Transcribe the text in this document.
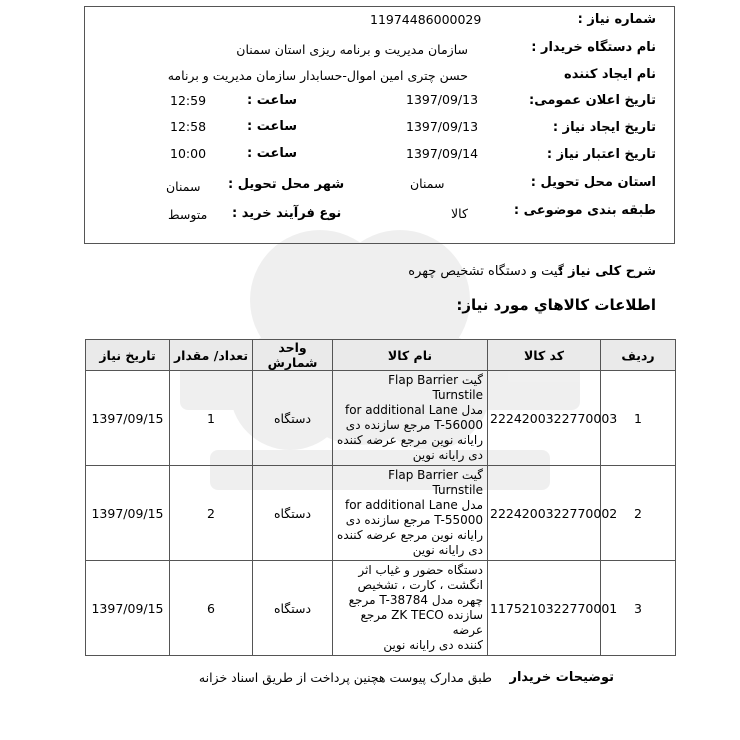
شماره نیاز :
11974486000029
نام دستگاه خریدار :
سازمان مدیریت و برنامه ریزی استان سمنان
نام ایجاد کننده
حسن چتری امین اموال-حسابدار سازمان مدیریت و برنامه
تاریخ اعلان عمومی:
1397/09/13
ساعت :
12:59
تاریخ ایجاد نیاز :
1397/09/13
ساعت :
12:58
تاریخ اعتبار نیاز :
1397/09/14
ساعت :
10:00
استان محل تحویل :
سمنان
شهر محل تحویل :
سمنان
طبقه بندی موضوعی :
کالا
نوع فرآیند خرید :
متوسط
شرح کلی نیاز :
گیت و دستگاه تشخیص چهره
اطلاعات کالاهاي مورد نیاز:
ردیف	کد کالا	نام کالا	واحد شمارش	تعداد/ مقدار	تاریخ نیاز
1	2224200322770003	گیت Flap Barrier Turnstile
مدل for additional Lane
T-56000 مرجع سازنده دی
رایانه نوین مرجع عرضه کننده
دی رایانه نوین	دستگاه	1	1397/09/15
2	2224200322770002	گیت Flap Barrier Turnstile
مدل for additional Lane
T-55000 مرجع سازنده دی
رایانه نوین مرجع عرضه کننده
دی رایانه نوین	دستگاه	2	1397/09/15
3	1175210322770001	دستگاه حضور و غیاب اثر
انگشت ، کارت ، تشخیص
چهره مدل T-38784 مرجع
سازنده ZK TECO مرجع عرضه
کننده دی رایانه نوین	دستگاه	6	1397/09/15
توضیحات خریدار
طبق مدارک پیوست هچنین پرداخت از طریق اسناد خزانه
